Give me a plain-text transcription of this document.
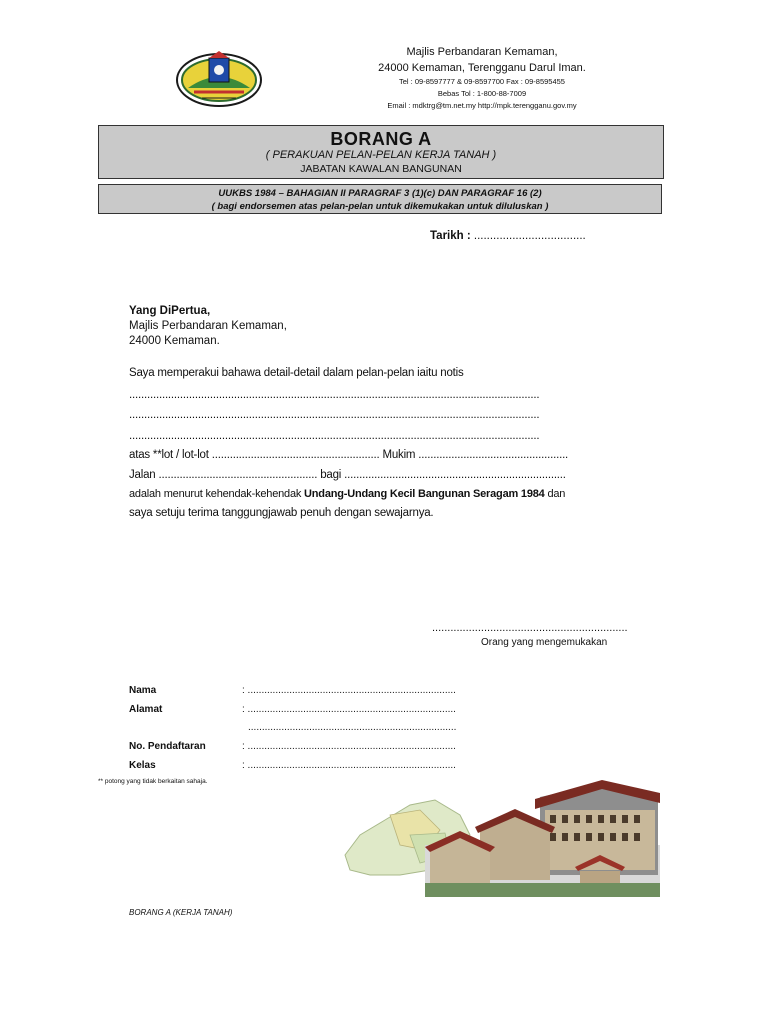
Majlis Perbandaran Kemaman,
24000 Kemaman, Terengganu Darul Iman.
Tel : 09-8597777 & 09-8597700 Fax : 09-8595455
Bebas Tol : 1-800-88-7009
Email : mdktrg@tm.net.my http://mpk.terengganu.gov.my
BORANG A
( PERAKUAN PELAN-PELAN KERJA TANAH )
JABATAN KAWALAN BANGUNAN
UUKBS 1984 – BAHAGIAN II PARAGRAF 3 (1)(c) DAN PARAGRAF 16 (2)
( bagi endorsemen atas pelan-pelan untuk dikemukakan untuk diluluskan )
Tarikh : ...................................
Yang DiPertua,
Majlis Perbandaran Kemaman,
24000 Kemaman.
Saya memperakui bahawa detail-detail dalam pelan-pelan iaitu notis
.........................................................................................................................................
.........................................................................................................................................
.........................................................................................................................................
atas **lot / lot-lot ........................................................ Mukim ..................................................
Jalan ..................................................... bagi ..........................................................................
adalah menurut kehendak-kehendak Undang-Undang Kecil Bangunan Seragam 1984 dan
saya setuju terima tanggungjawab penuh dengan sewajarnya.
................................................................
Orang yang mengemukakan
Nama	: ...........................................................................
Alamat	: ...........................................................................
...........................................................................
No. Pendaftaran	: ...........................................................................
Kelas	: ...........................................................................
** potong yang tidak berkaitan sahaja.
BORANG A (KERJA TANAH)
